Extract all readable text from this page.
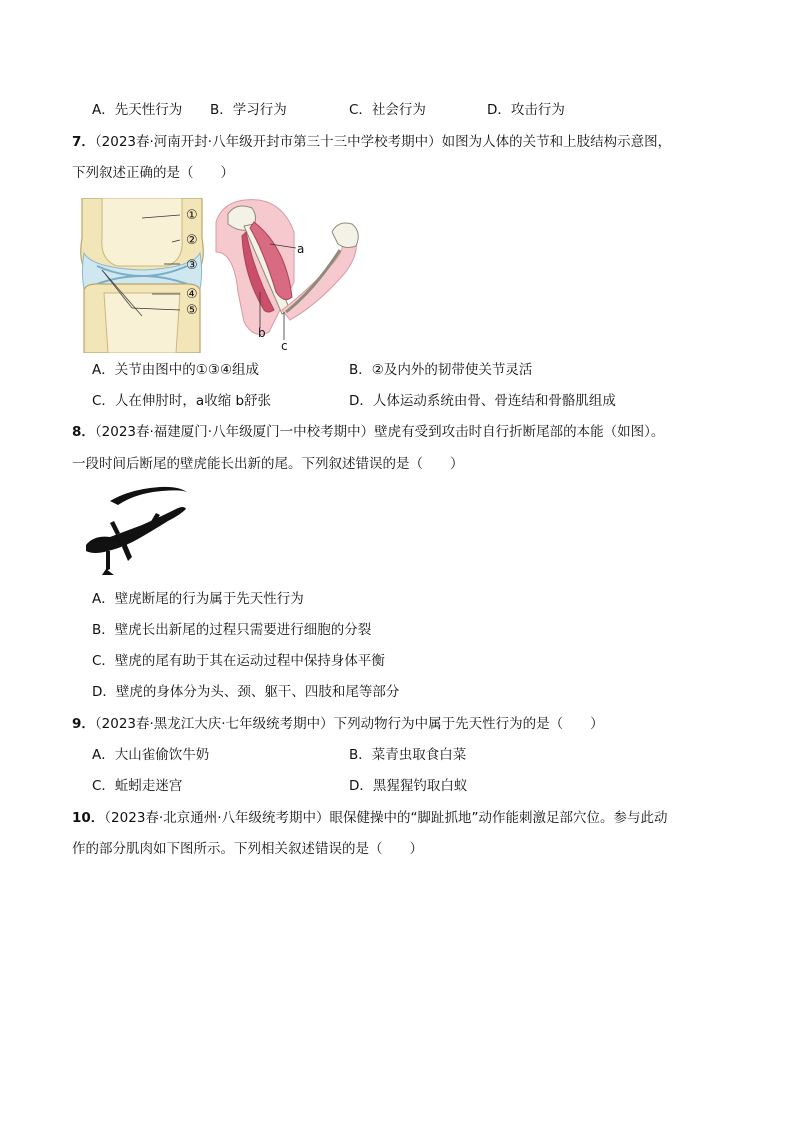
A．先天性行为 B．学习行为	C．社会行为	D．攻击行为
7．（2023春·河南开封·八年级开封市第三十三中学校考期中）如图为人体的关节和上肢结构示意图，
下列叙述正确的是（　　）
①
②
③
④
⑤
a
b
c
A．关节由图中的①③④组成	B．②及内外的韧带使关节灵活
C．人在伸肘时，a收缩 b舒张	D．人体运动系统由骨、骨连结和骨骼肌组成
8．（2023春·福建厦门·八年级厦门一中校考期中）壁虎有受到攻击时自行折断尾部的本能（如图）。
一段时间后断尾的壁虎能长出新的尾。下列叙述错误的是（　　）
A．壁虎断尾的行为属于先天性行为
B．壁虎长出新尾的过程只需要进行细胞的分裂
C．壁虎的尾有助于其在运动过程中保持身体平衡
D．壁虎的身体分为头、颈、躯干、四肢和尾等部分
9．（2023春·黑龙江大庆·七年级统考期中）下列动物行为中属于先天性行为的是（　　）
A．大山雀偷饮牛奶	B．菜青虫取食白菜
C．蚯蚓走迷宫	D．黑猩猩钓取白蚁
10．（2023春·北京通州·八年级统考期中）眼保健操中的“脚趾抓地”动作能刺激足部穴位。参与此动
作的部分肌肉如下图所示。下列相关叙述错误的是（　　）
